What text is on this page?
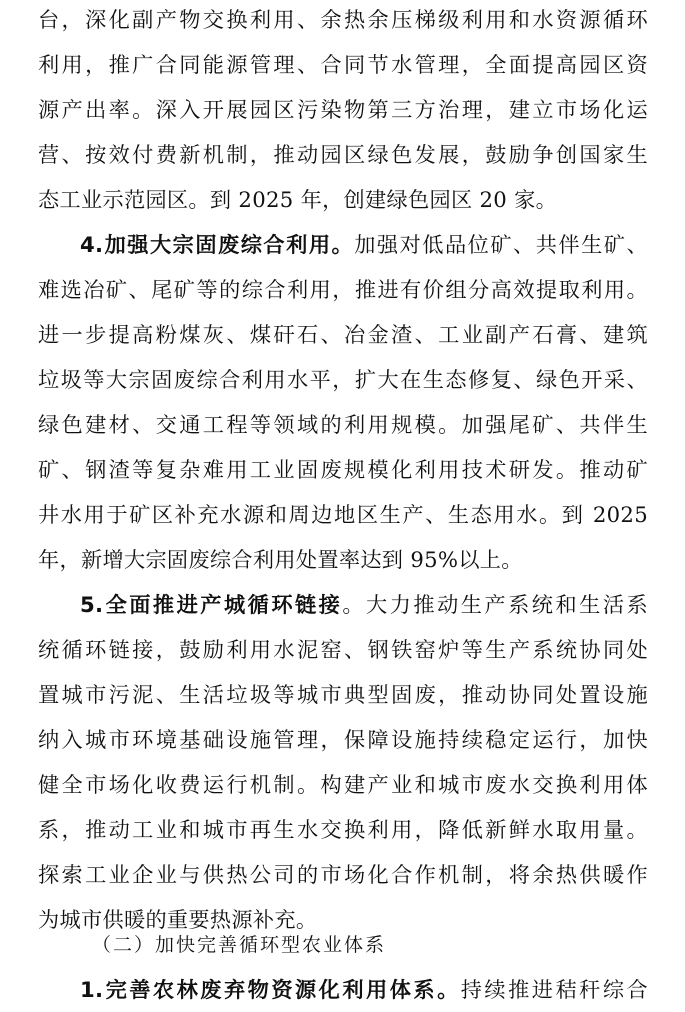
台，深化副产物交换利用、余热余压梯级利用和水资源循环
利用，推广合同能源管理、合同节水管理，全面提高园区资
源产出率。深入开展园区污染物第三方治理，建立市场化运
营、按效付费新机制，推动园区绿色发展，鼓励争创国家生
态工业示范园区。到 2025 年，创建绿色园区 20 家。
4.加强大宗固废综合利用。加强对低品位矿、共伴生矿、
难选冶矿、尾矿等的综合利用，推进有价组分高效提取利用。
进一步提高粉煤灰、煤矸石、冶金渣、工业副产石膏、建筑
垃圾等大宗固废综合利用水平，扩大在生态修复、绿色开采、
绿色建材、交通工程等领域的利用规模。加强尾矿、共伴生
矿、钢渣等复杂难用工业固废规模化利用技术研发。推动矿
井水用于矿区补充水源和周边地区生产、生态用水。到 2025
年，新增大宗固废综合利用处置率达到 95%以上。
5.全面推进产城循环链接。大力推动生产系统和生活系
统循环链接，鼓励利用水泥窑、钢铁窑炉等生产系统协同处
置城市污泥、生活垃圾等城市典型固废，推动协同处置设施
纳入城市环境基础设施管理，保障设施持续稳定运行，加快
健全市场化收费运行机制。构建产业和城市废水交换利用体
系，推动工业和城市再生水交换利用，降低新鲜水取用量。
探索工业企业与供热公司的市场化合作机制，将余热供暖作
为城市供暖的重要热源补充。
（二）加快完善循环型农业体系
1.完善农林废弃物资源化利用体系。持续推进秸秆综合
